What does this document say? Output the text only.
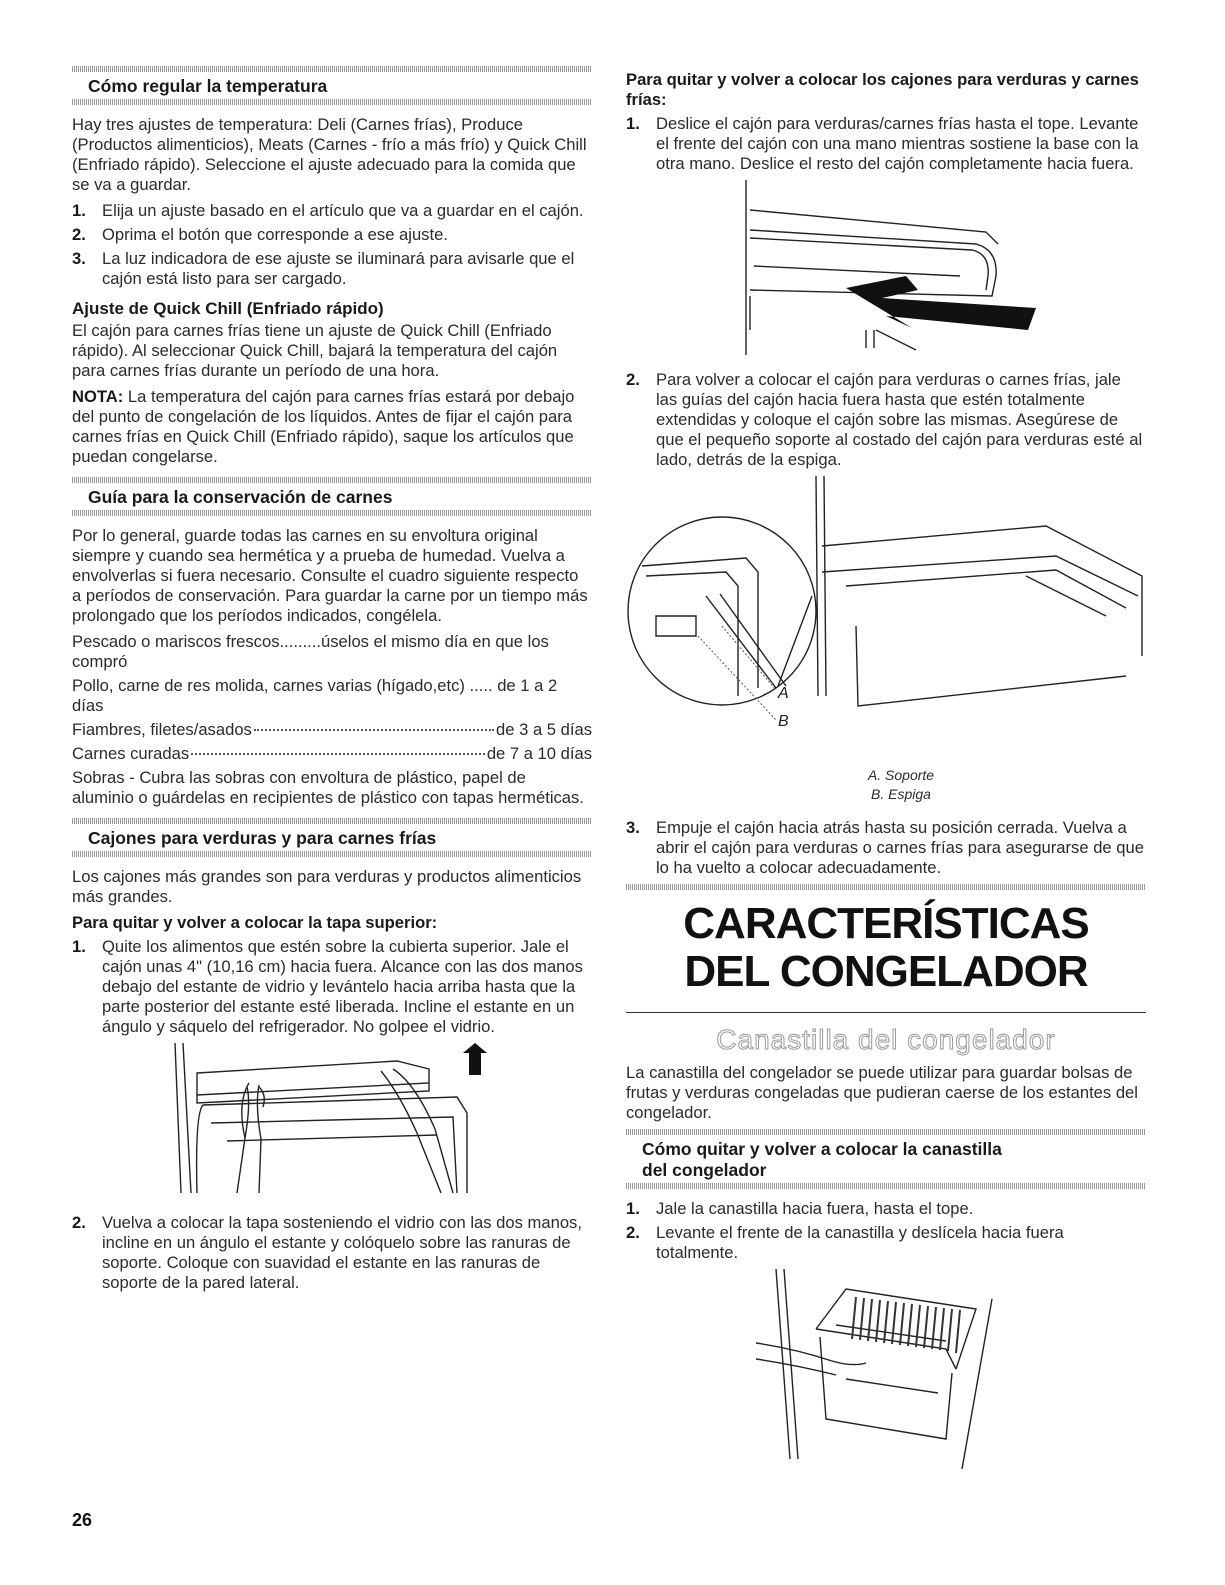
Cómo regular la temperatura

Hay tres ajustes de temperatura: Deli (Carnes frías), Produce (Productos alimenticios), Meats (Carnes - frío a más frío) y Quick Chill (Enfriado rápido). Seleccione el ajuste adecuado para la comida que se va a guardar.

1. Elija un ajuste basado en el artículo que va a guardar en el cajón.
2. Oprima el botón que corresponde a ese ajuste.
3. La luz indicadora de ese ajuste se iluminará para avisarle que el cajón está listo para ser cargado.
Ajuste de Quick Chill (Enfriado rápido)

El cajón para carnes frías tiene un ajuste de Quick Chill (Enfriado rápido). Al seleccionar Quick Chill, bajará la temperatura del cajón para carnes frías durante un período de una hora.

NOTA: La temperatura del cajón para carnes frías estará por debajo del punto de congelación de los líquidos. Antes de fijar el cajón para carnes frías en Quick Chill (Enfriado rápido), saque los artículos que puedan congelarse.

Guía para la conservación de carnes

Por lo general, guarde todas las carnes en su envoltura original siempre y cuando sea hermética y a prueba de humedad. Vuelva a envolverlas si fuera necesario. Consulte el cuadro siguiente respecto a períodos de conservación. Para guardar la carne por un tiempo más prolongado que los períodos indicados, congélela.

Pescado o mariscos frescos.........úselos el mismo día en que los compró
Pollo, carne de res molida, carnes varias (hígado,etc) ..... de 1 a 2 días
Fiambres, filetes/asados	de 3 a 5 días
Carnes curadas	de 7 a 10 días

Sobras - Cubra las sobras con envoltura de plástico, papel de aluminio o guárdelas en recipientes de plástico con tapas herméticas.

Cajones para verduras y para carnes frías

Los cajones más grandes son para verduras y productos alimenticios más grandes.

Para quitar y volver a colocar la tapa superior:
1. Quite los alimentos que estén sobre la cubierta superior. Jale el cajón unas 4" (10,16 cm) hacia fuera. Alcance con las dos manos debajo del estante de vidrio y levántelo hacia arriba hasta que la parte posterior del estante esté liberada. Incline el estante en un ángulo y sáquelo del refrigerador. No golpee el vidrio.
2. Vuelva a colocar la tapa sosteniendo el vidrio con las dos manos, incline en un ángulo el estante y colóquelo sobre las ranuras de soporte. Coloque con suavidad el estante en las ranuras de soporte de la pared lateral.
Para quitar y volver a colocar los cajones para verduras y carnes frías:
1. Deslice el cajón para verduras/carnes frías hasta el tope. Levante el frente del cajón con una mano mientras sostiene la base con la otra mano. Deslice el resto del cajón completamente hacia fuera.
2. Para volver a colocar el cajón para verduras o carnes frías, jale las guías del cajón hacia fuera hasta que estén totalmente extendidas y coloque el cajón sobre las mismas. Asegúrese de que el pequeño soporte al costado del cajón para verduras esté al lado, detrás de la espiga.
A
B
A. Soporte
B. Espiga
3. Empuje el cajón hacia atrás hasta su posición cerrada. Vuelva a abrir el cajón para verduras o carnes frías para asegurarse de que lo ha vuelto a colocar adecuadamente.
CARACTERÍSTICAS
DEL CONGELADOR
Canastilla del congelador

La canastilla del congelador se puede utilizar para guardar bolsas de frutas y verduras congeladas que pudieran caerse de los estantes del congelador.

Cómo quitar y volver a colocar la canastilla
del congelador
1. Jale la canastilla hacia fuera, hasta el tope.
2. Levante el frente de la canastilla y deslícela hacia fuera totalmente.
26
